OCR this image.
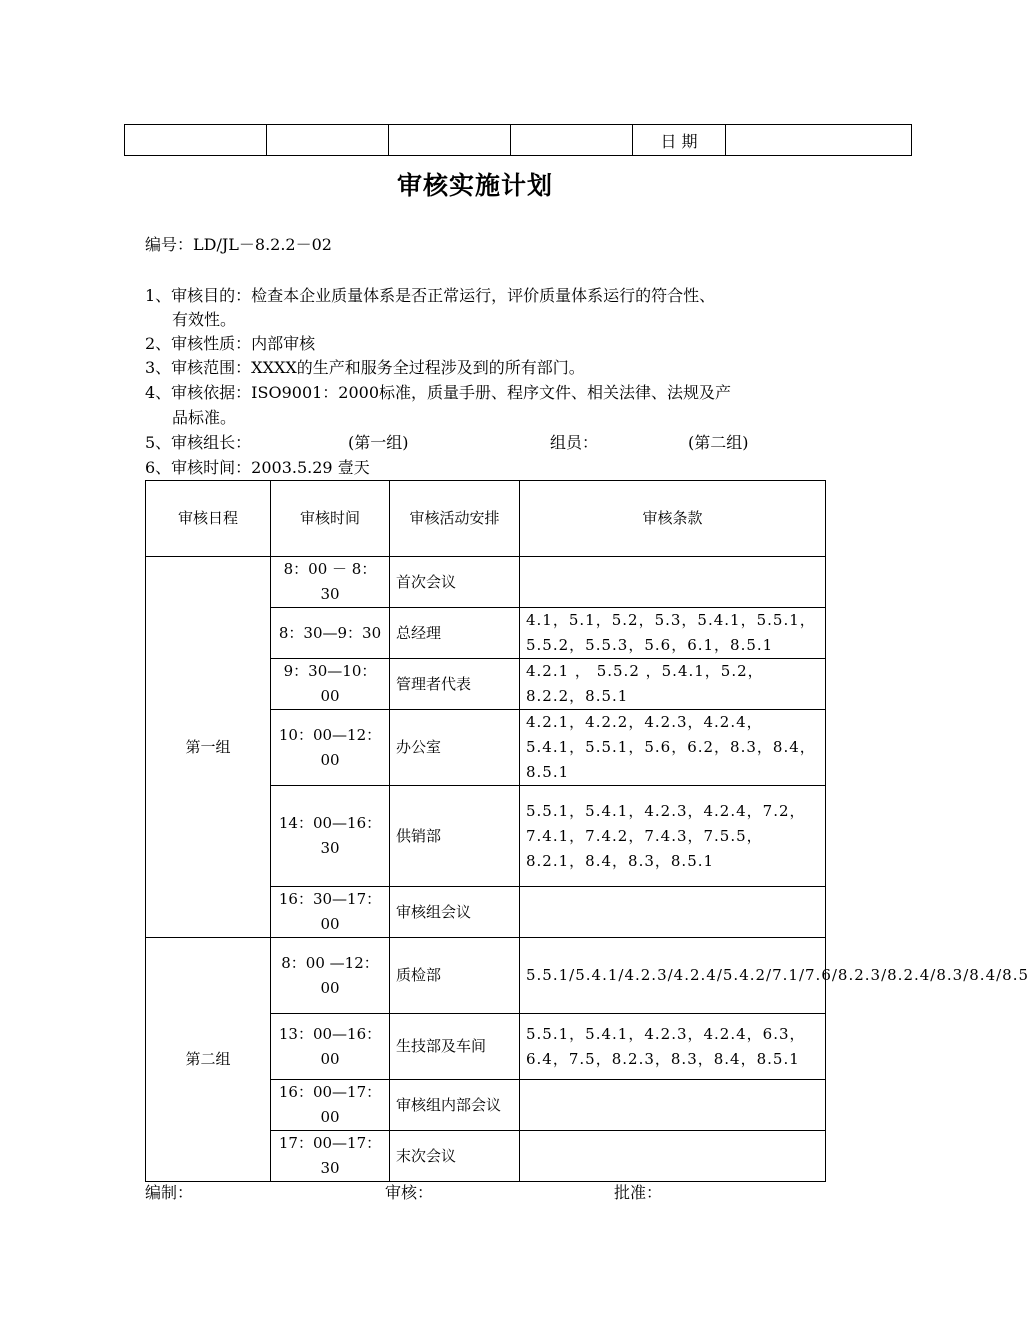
				日 期	
审核实施计划
编号：LD/JL－8.2.2－02
1、审核目的：检查本企业质量体系是否正常运行，评价质量体系运行的符合性、
有效性。
2、审核性质：内部审核
3、审核范围：XXXX的生产和服务全过程涉及到的所有部门。
4、审核依据：ISO9001：2000标准，质量手册、程序文件、相关法律、法规及产
品标准。
5、审核组长：	(第一组)	组员：	(第二组)
6、审核时间：2003.5.29 壹天
审核日程	审核时间	审核活动安排	审核条款
第一组	8：00 － 8：30	首次会议	
	8：30—9：30	总经理	4.1，5.1，5.2，5.3，5.4.1，5.5.1，5.5.2，5.5.3，5.6，6.1，8.5.1
	9：30—10：00	管理者代表	4.2.1 ， 5.5.2 ，5.4.1，5.2，8.2.2，8.5.1
	10：00—12：00	办公室	4.2.1，4.2.2，4.2.3，4.2.4，5.4.1，5.5.1，5.6，6.2，8.3，8.4，8.5.1
	14：00—16：30	供销部	5.5.1，5.4.1，4.2.3，4.2.4，7.2，7.4.1，7.4.2，7.4.3，7.5.5，8.2.1，8.4，8.3，8.5.1
	16：30—17：00	审核组会议	
第二组	8：00 —12：00	质检部	5.5.1/5.4.1/4.2.3/4.2.4/5.4.2/7.1/7.6/8.2.3/8.2.4/8.3/8.4/8.5
	13：00—16：00	生技部及车间	5.5.1，5.4.1，4.2.3，4.2.4，6.3，6.4，7.5，8.2.3，8.3，8.4，8.5.1
	16：00—17：00	审核组内部会议	
	17：00—17：30	末次会议	
编制：	审核：	批准：
